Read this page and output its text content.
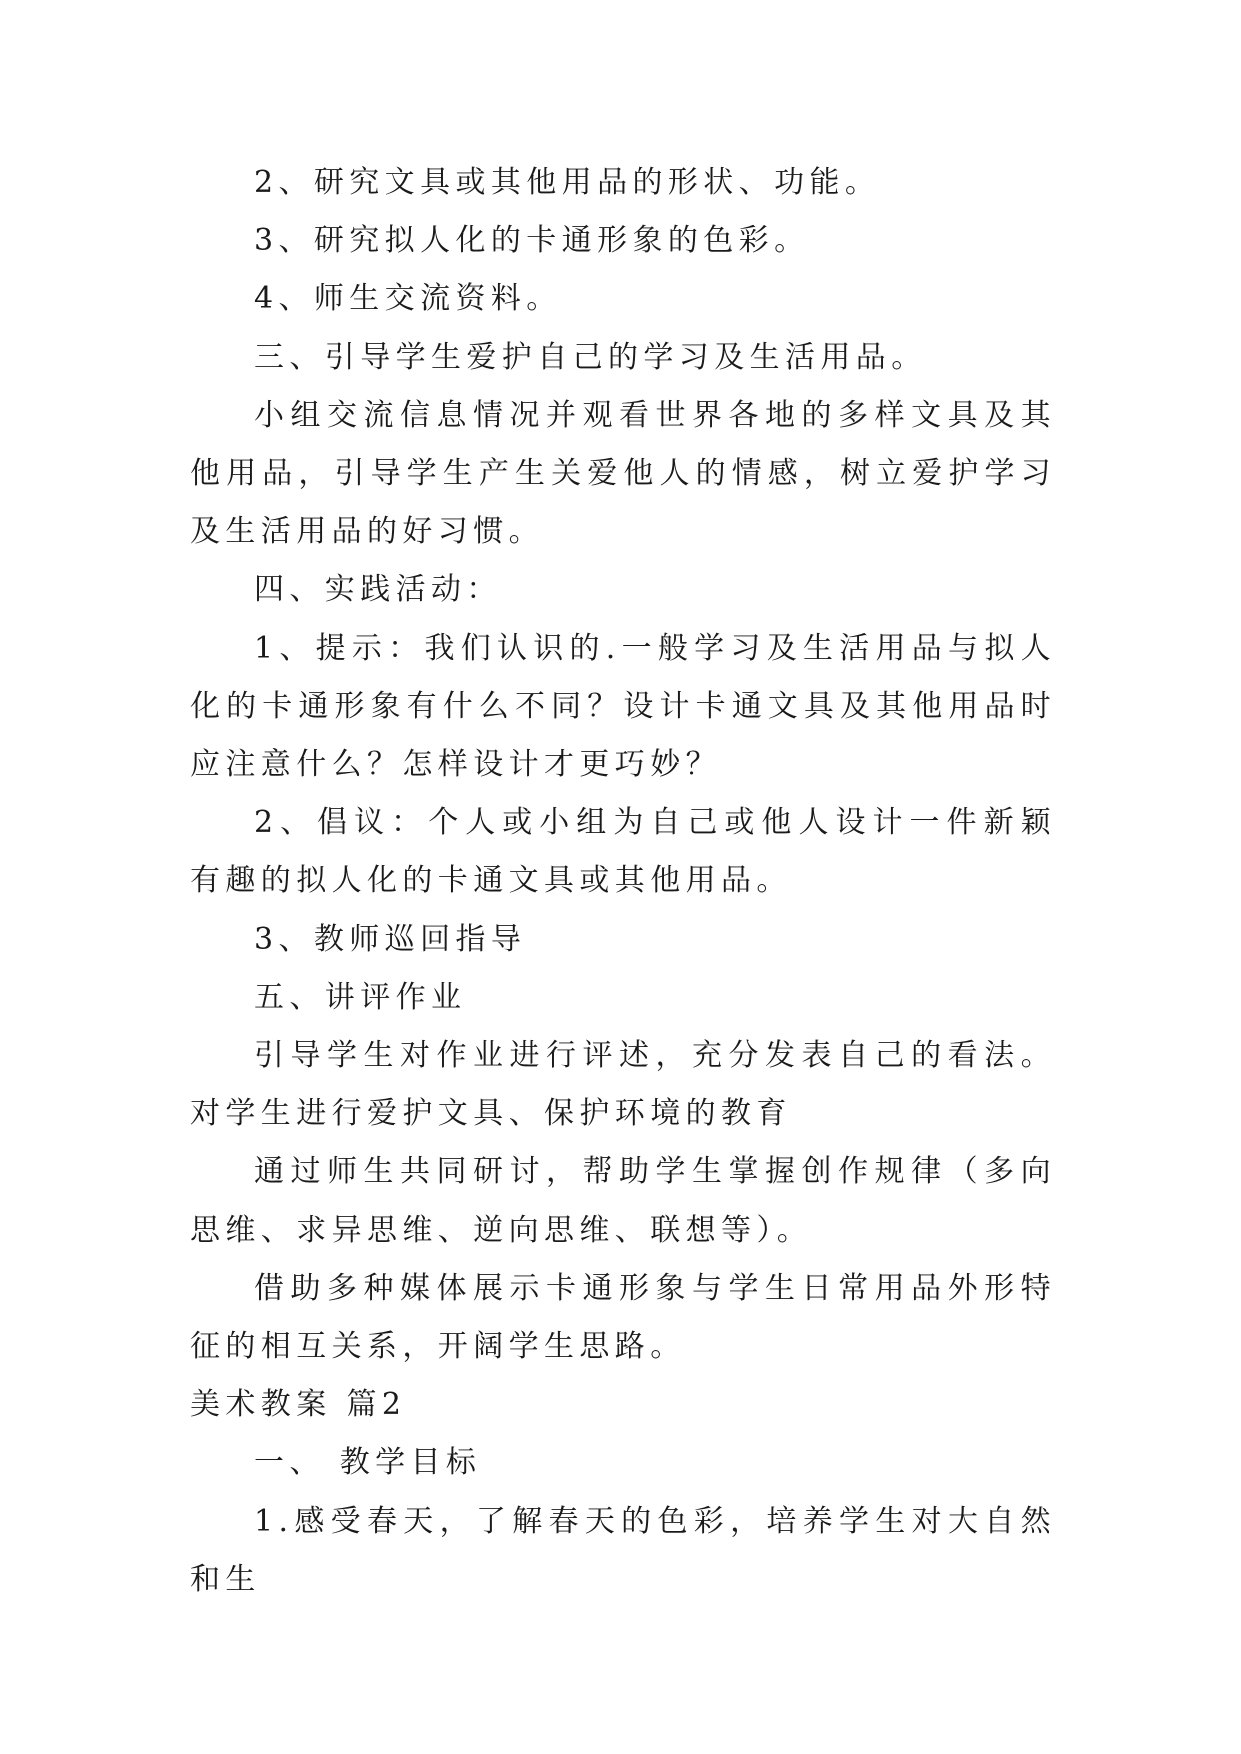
2、研究文具或其他用品的形状、功能。

3、研究拟人化的卡通形象的色彩。

4、师生交流资料。

三、引导学生爱护自己的学习及生活用品。

小组交流信息情况并观看世界各地的多样文具及其他用品，引导学生产生关爱他人的情感，树立爱护学习及生活用品的好习惯。

四、实践活动：

1、提示：我们认识的.一般学习及生活用品与拟人化的卡通形象有什么不同？设计卡通文具及其他用品时应注意什么？怎样设计才更巧妙？

2、倡议：个人或小组为自己或他人设计一件新颖有趣的拟人化的卡通文具或其他用品。

3、教师巡回指导

五、讲评作业

引导学生对作业进行评述，充分发表自己的看法。对学生进行爱护文具、保护环境的教育

通过师生共同研讨，帮助学生掌握创作规律（多向思维、求异思维、逆向思维、联想等）。

借助多种媒体展示卡通形象与学生日常用品外形特征的相互关系，开阔学生思路。

美术教案 篇2

一、 教学目标

1.感受春天，了解春天的色彩，培养学生对大自然和生
